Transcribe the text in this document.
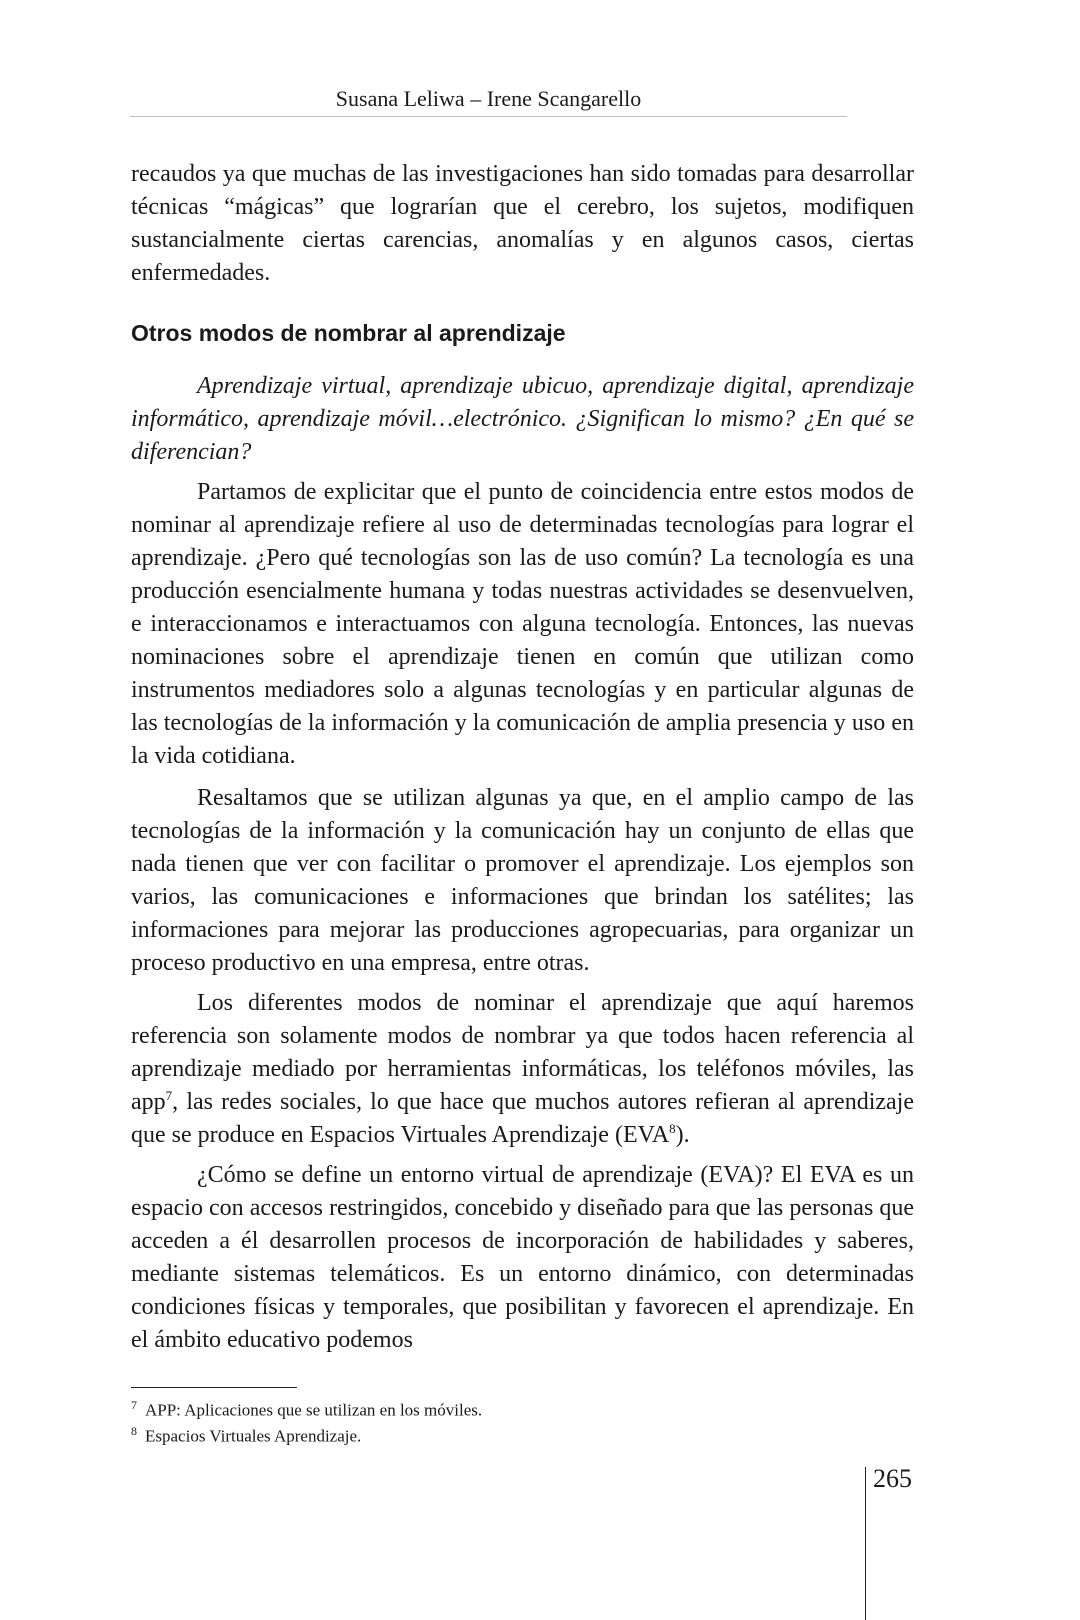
Susana Leliwa – Irene Scangarello

recaudos ya que muchas de las investigaciones han sido tomadas para desarrollar técnicas “mágicas” que lograrían que el cerebro, los sujetos, modifiquen sustancialmente ciertas carencias, anomalías y en algunos casos, ciertas enfermedades.

Otros modos de nombrar al aprendizaje

Aprendizaje virtual, aprendizaje ubicuo, aprendizaje digital, aprendizaje informático, aprendizaje móvil…electrónico. ¿Significan lo mismo? ¿En qué se diferencian?

Partamos de explicitar que el punto de coincidencia entre estos modos de nominar al aprendizaje refiere al uso de determinadas tecnologías para lograr el aprendizaje. ¿Pero qué tecnologías son las de uso común? La tecnología es una producción esencialmente humana y todas nuestras actividades se desenvuelven, e interaccionamos e interactuamos con alguna tecnología. Entonces, las nuevas nominaciones sobre el aprendizaje tienen en común que utilizan como instrumentos mediadores solo a algunas tecnologías y en particular algunas de las tecnologías de la información y la comunicación de amplia presencia y uso en la vida cotidiana.

Resaltamos que se utilizan algunas ya que, en el amplio campo de las tecnologías de la información y la comunicación hay un conjunto de ellas que nada tienen que ver con facilitar o promover el aprendizaje. Los ejemplos son varios, las comunicaciones e informaciones que brindan los satélites; las informaciones para mejorar las producciones agropecuarias, para organizar un proceso productivo en una empresa, entre otras.

Los diferentes modos de nominar el aprendizaje que aquí haremos referencia son solamente modos de nombrar ya que todos hacen referencia al aprendizaje mediado por herramientas informáticas, los teléfonos móviles, las app$^7$, las redes sociales, lo que hace que muchos autores refieran al aprendizaje que se produce en Espacios Virtuales Aprendizaje (EVA$^8$).

¿Cómo se define un entorno virtual de aprendizaje (EVA)? El EVA es un espacio con accesos restringidos, concebido y diseñado para que las personas que acceden a él desarrollen procesos de incorporación de habilidades y saberes, mediante sistemas telemáticos. Es un entorno dinámico, con determinadas condiciones físicas y temporales, que posibilitan y favorecen el aprendizaje. En el ámbito educativo podemos

$^7$ APP: Aplicaciones que se utilizan en los móviles.
$^8$ Espacios Virtuales Aprendizaje.
265
